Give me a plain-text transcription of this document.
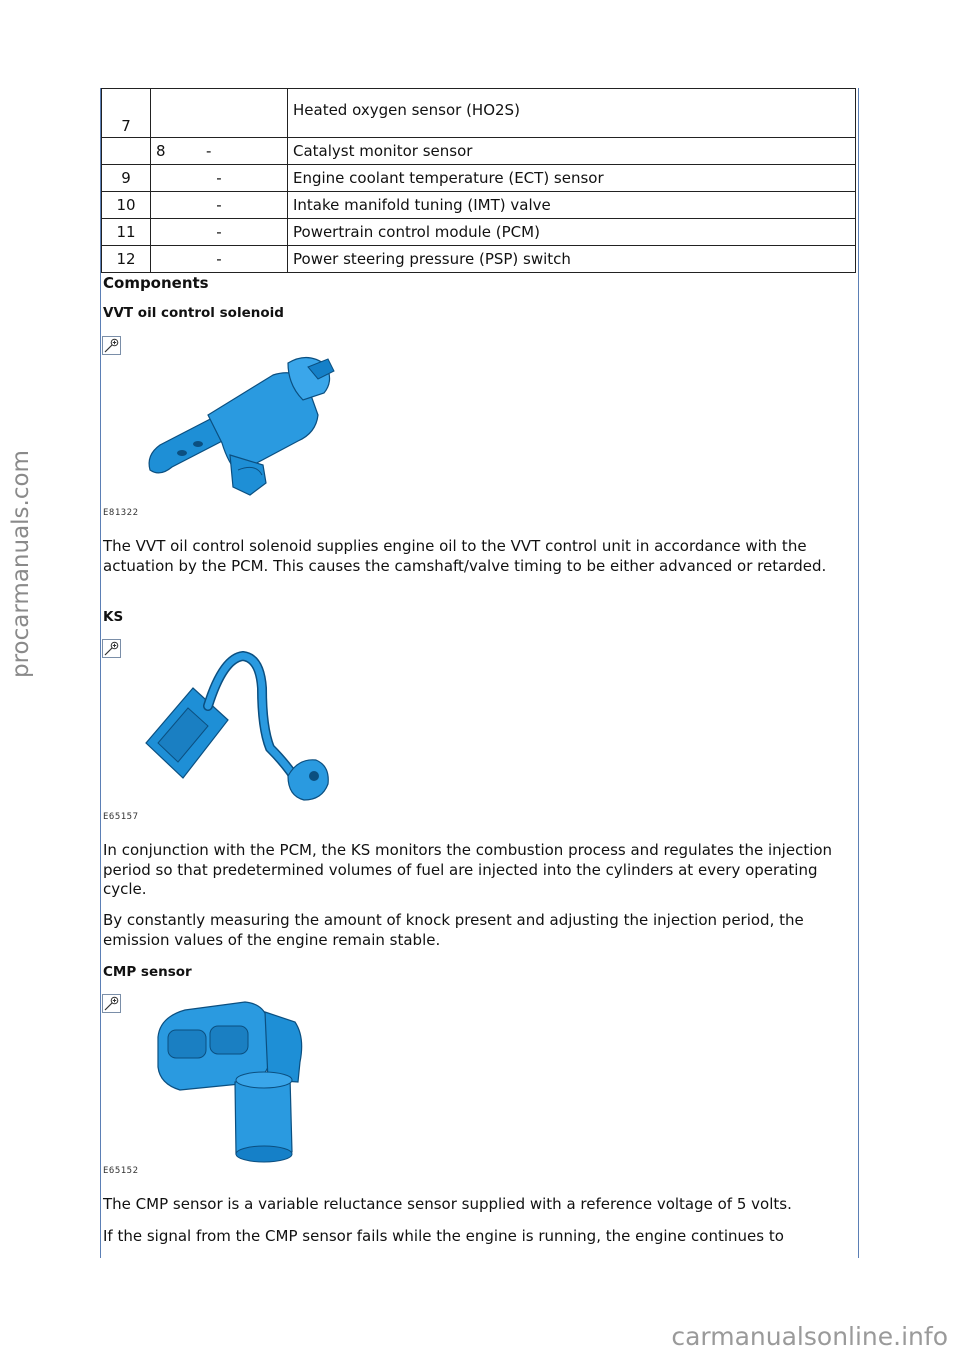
7		Heated oxygen sensor (HO2S)
	8 -	Catalyst monitor sensor
9	-	Engine coolant temperature (ECT) sensor
10	-	Intake manifold tuning (IMT) valve
11	-	Powertrain control module (PCM)
12	-	Power steering pressure (PSP) switch
Components
VVT oil control solenoid
E81322

The VVT oil control solenoid supplies engine oil to the VVT control unit in accordance with the actuation by the PCM. This causes the camshaft/valve timing to be either advanced or retarded.

KS
E65157

In conjunction with the PCM, the KS monitors the combustion process and regulates the injection period so that predetermined volumes of fuel are injected into the cylinders at every operating cycle.

By constantly measuring the amount of knock present and adjusting the injection period, the emission values of the engine remain stable.

CMP sensor
E65152

The CMP sensor is a variable reluctance sensor supplied with a reference voltage of 5 volts.

If the signal from the CMP sensor fails while the engine is running, the engine continues to

procarmanuals.com
carmanualsonline.info
